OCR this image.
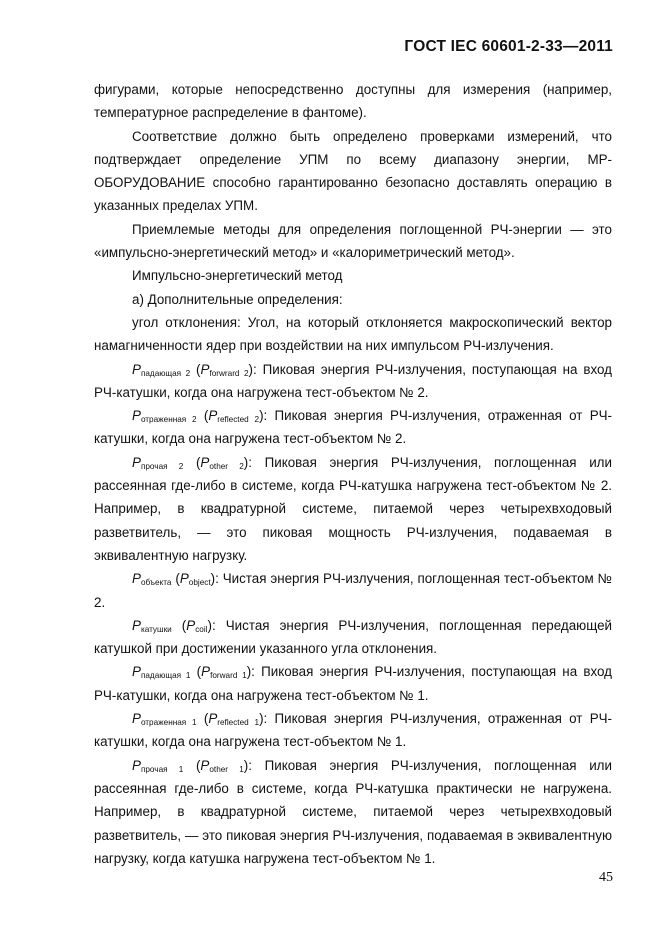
ГОСТ IEC 60601-2-33—2011

фигурами, которые непосредственно доступны для измерения (например, температурное распределение в фантоме).

Соответствие должно быть определено проверками измерений, что подтверждает определение УПМ по всему диапазону энергии, МР-ОБОРУДОВАНИЕ способно гарантированно безопасно доставлять операцию в указанных пределах УПМ.

Приемлемые методы для определения поглощенной РЧ-энергии — это «импульсно-энергетический метод» и «калориметрический метод».

Импульсно-энергетический метод

а) Дополнительные определения:

угол отклонения: Угол, на который отклоняется макроскопический вектор намагниченности ядер при воздействии на них импульсом РЧ-излучения.

$P_{падающая 2}$ $(P_{forwrard 2})$: Пиковая энергия РЧ-излучения, поступающая на вход РЧ-катушки, когда она нагружена тест-объектом № 2.

$P_{отраженная 2}$ $(P_{reflected 2})$: Пиковая энергия РЧ-излучения, отраженная от РЧ-катушки, когда она нагружена тест-объектом № 2.

$P_{прочая 2}$ $(P_{other 2})$: Пиковая энергия РЧ-излучения, поглощенная или рассеянная где-либо в системе, когда РЧ-катушка нагружена тест-объектом № 2. Например, в квадратурной системе, питаемой через четырехвходовый разветвитель, — это пиковая мощность РЧ-излучения, подаваемая в эквивалентную нагрузку.

$P_{объекта}$ $(P_{object})$: Чистая энергия РЧ-излучения, поглощенная тест-объектом № 2.

$P_{катушки}$ $(P_{coil})$: Чистая энергия РЧ-излучения, поглощенная передающей катушкой при достижении указанного угла отклонения.

$P_{падающая 1}$ $(P_{forward 1})$: Пиковая энергия РЧ-излучения, поступающая на вход РЧ-катушки, когда она нагружена тест-объектом № 1.

$P_{отраженная 1}$ $(P_{reflected 1})$: Пиковая энергия РЧ-излучения, отраженная от РЧ-катушки, когда она нагружена тест-объектом № 1.

$P_{прочая 1}$ $(P_{other 1})$: Пиковая энергия РЧ-излучения, поглощенная или рассеянная где-либо в системе, когда РЧ-катушка практически не нагружена. Например, в квадратурной системе, питаемой через четырехвходовый разветвитель, — это пиковая энергия РЧ-излучения, подаваемая в эквивалентную нагрузку, когда катушка нагружена тест-объектом № 1.

45
